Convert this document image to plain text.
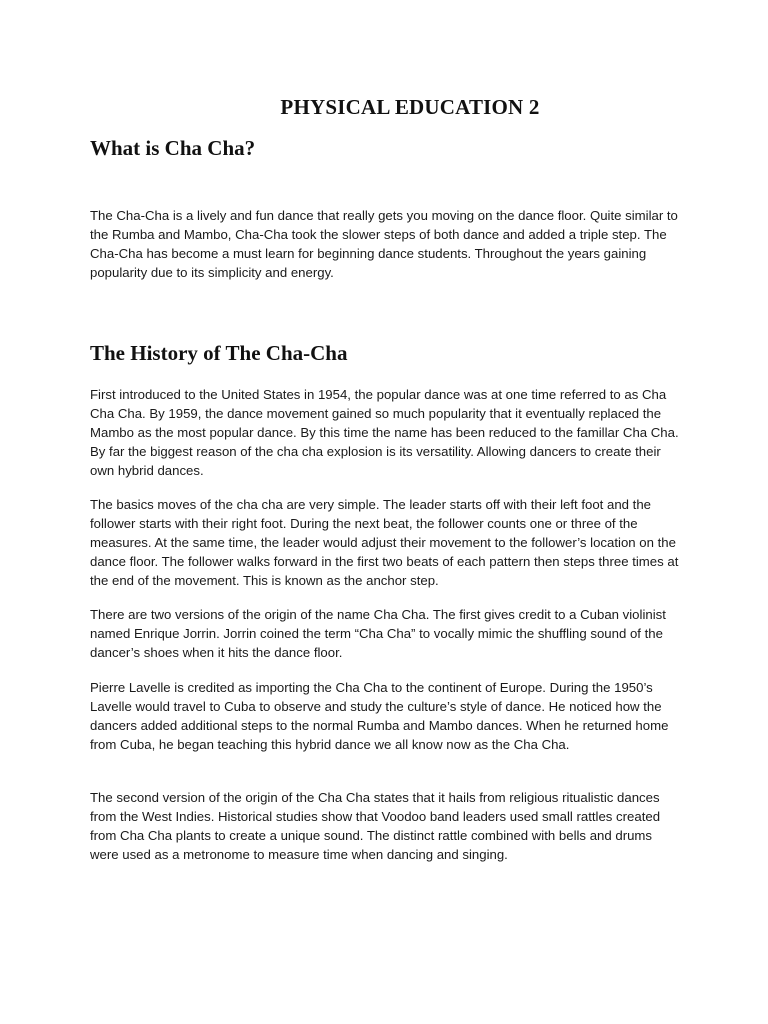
PHYSICAL EDUCATION 2
What is Cha Cha?

The Cha-Cha is a lively and fun dance that really gets you moving on the dance floor. Quite similar to the Rumba and Mambo, Cha-Cha took the slower steps of both dance and added a triple step. The Cha-Cha has become a must learn for beginning dance students. Throughout the years gaining popularity due to its simplicity and energy.

The History of The Cha-Cha

First introduced to the United States in 1954, the popular dance was at one time referred to as Cha Cha Cha. By 1959, the dance movement gained so much popularity that it eventually replaced the Mambo as the most popular dance. By this time the name has been reduced to the famillar Cha Cha. By far the biggest reason of the cha cha explosion is its versatility. Allowing dancers to create their own hybrid dances.

The basics moves of the cha cha are very simple. The leader starts off with their left foot and the follower starts with their right foot. During the next beat, the follower counts one or three of the measures. At the same time, the leader would adjust their movement to the follower’s location on the dance floor. The follower walks forward in the first two beats of each pattern then steps three times at the end of the movement. This is known as the anchor step.

There are two versions of the origin of the name Cha Cha. The first gives credit to a Cuban violinist named Enrique Jorrin. Jorrin coined the term “Cha Cha” to vocally mimic the shuffling sound of the dancer’s shoes when it hits the dance floor.

Pierre Lavelle is credited as importing the Cha Cha to the continent of Europe. During the 1950’s Lavelle would travel to Cuba to observe and study the culture’s style of dance. He noticed how the dancers added additional steps to the normal Rumba and Mambo dances. When he returned home from Cuba, he began teaching this hybrid dance we all know now as the Cha Cha.

The second version of the origin of the Cha Cha states that it hails from religious ritualistic dances from the West Indies. Historical studies show that Voodoo band leaders used small rattles created from Cha Cha plants to create a unique sound. The distinct rattle combined with bells and drums were used as a metronome to measure time when dancing and singing.
